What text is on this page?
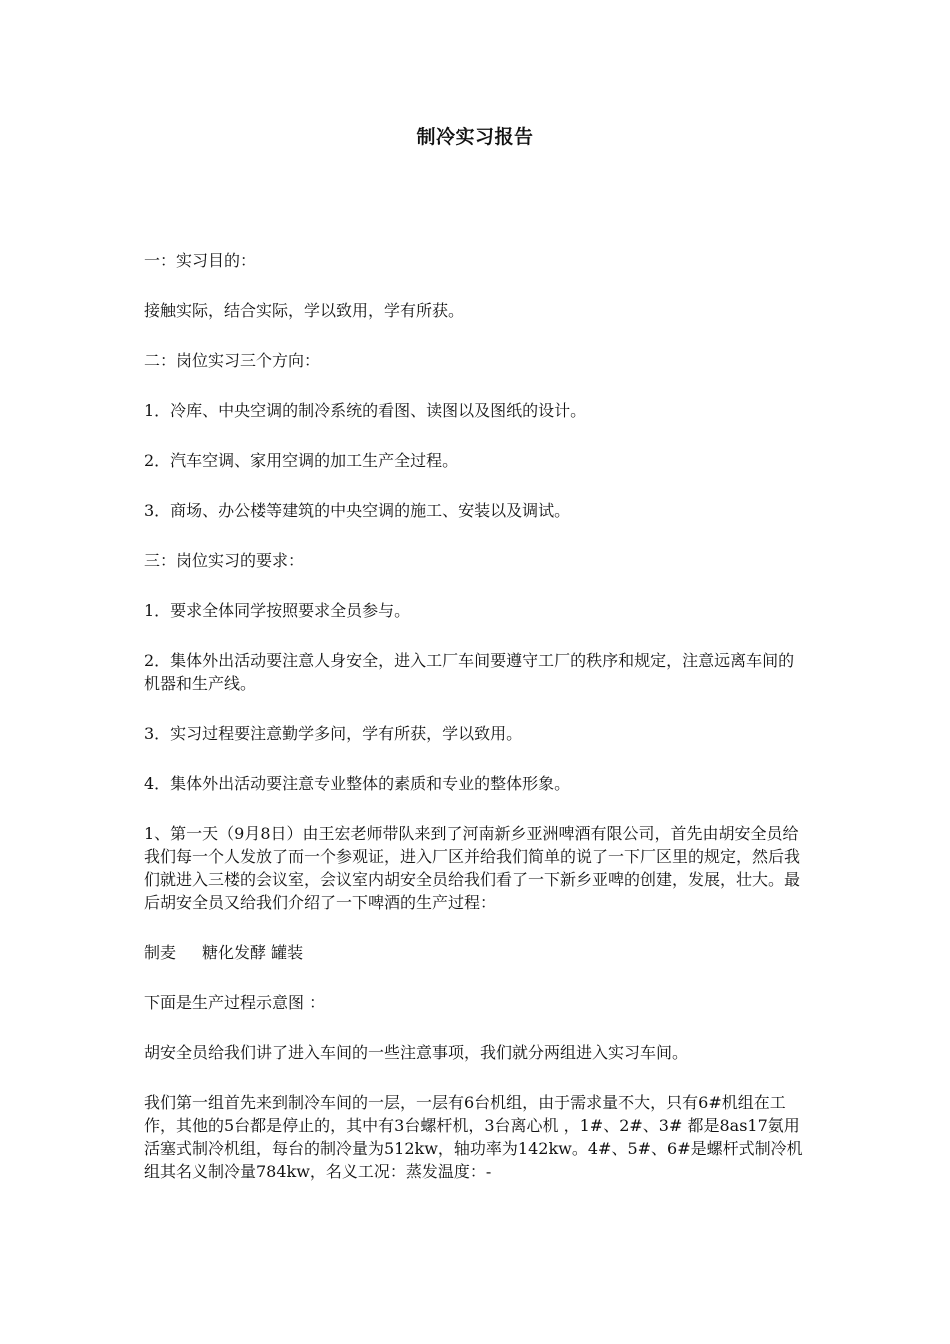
制冷实习报告

一：实习目的：

接触实际，结合实际，学以致用，学有所获。

二：岗位实习三个方向：

1．冷库、中央空调的制冷系统的看图、读图以及图纸的设计。

2．汽车空调、家用空调的加工生产全过程。

3．商场、办公楼等建筑的中央空调的施工、安装以及调试。

三：岗位实习的要求：

1．要求全体同学按照要求全员参与。

2．集体外出活动要注意人身安全，进入工厂车间要遵守工厂的秩序和规定，注意远离车间的机器和生产线。

3．实习过程要注意勤学多问，学有所获，学以致用。

4．集体外出活动要注意专业整体的素质和专业的整体形象。

1、第一天（9月8日）由王宏老师带队来到了河南新乡亚洲啤酒有限公司，首先由胡安全员给我们每一个人发放了而一个参观证，进入厂区并给我们简单的说了一下厂区里的规定，然后我们就进入三楼的会议室，会议室内胡安全员给我们看了一下新乡亚啤的创建，发展，壮大。最后胡安全员又给我们介绍了一下啤酒的生产过程：

制麦 糖化发酵 罐装

下面是生产过程示意图 ：

胡安全员给我们讲了进入车间的一些注意事项，我们就分两组进入实习车间。

我们第一组首先来到制冷车间的一层，一层有6台机组，由于需求量不大，只有6#机组在工作，其他的5台都是停止的，其中有3台螺杆机，3台离心机 ，1#、2#、3# 都是8as17氨用活塞式制冷机组，每台的制冷量为512kw，轴功率为142kw。4#、5#、6#是螺杆式制冷机组其名义制冷量784kw，名义工况：蒸发温度：-
